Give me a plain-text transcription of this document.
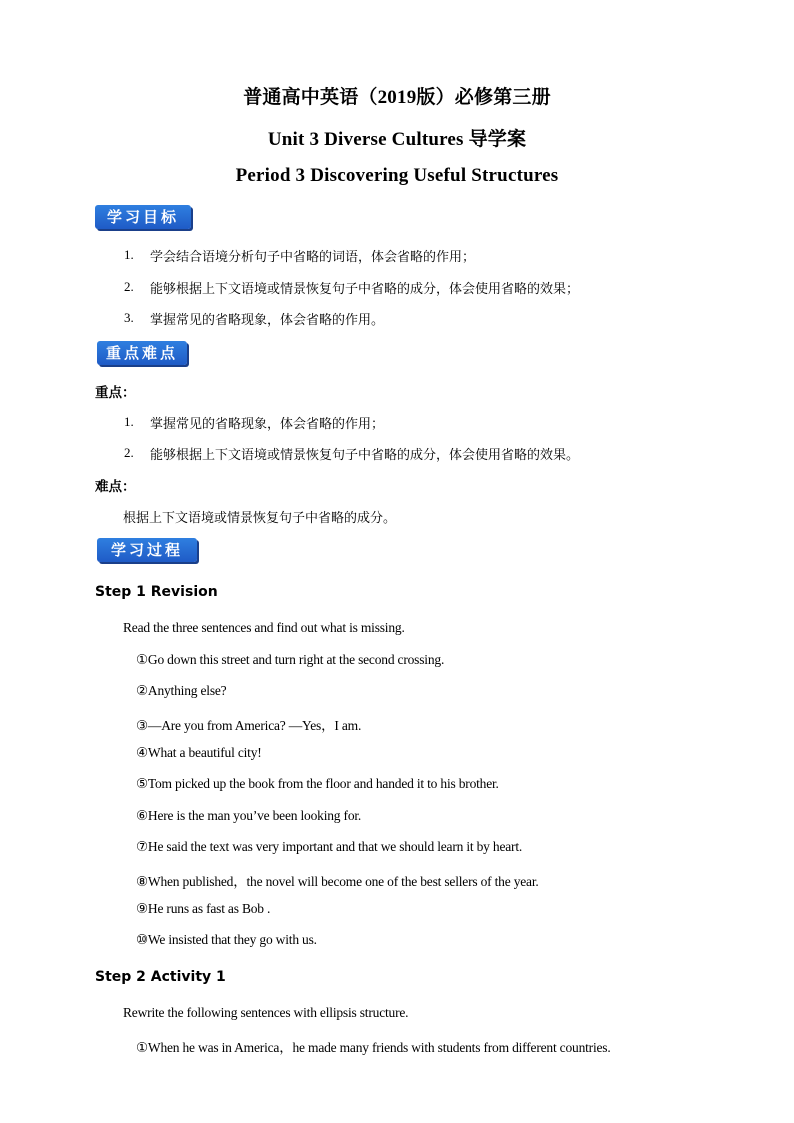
普通高中英语（2019版）必修第三册
Unit 3 Diverse Cultures 导学案
Period 3 Discovering Useful Structures
学习目标
1. 学会结合语境分析句子中省略的词语，体会省略的作用；
2. 能够根据上下文语境或情景恢复句子中省略的成分，体会使用省略的效果；
3. 掌握常见的省略现象，体会省略的作用。
重点难点
重点：
1. 掌握常见的省略现象，体会省略的作用；
2. 能够根据上下文语境或情景恢复句子中省略的成分，体会使用省略的效果。
难点：
根据上下文语境或情景恢复句子中省略的成分。
学习过程
Step 1 Revision
Read the three sentences and find out what is missing.
①Go down this street and turn right at the second crossing.
②Anything else?
③—Are you from America? —Yes，I am.
④What a beautiful city!
⑤Tom picked up the book from the floor and handed it to his brother.
⑥Here is the man you’ve been looking for.
⑦He said the text was very important and that we should learn it by heart.
⑧When published，the novel will become one of the best sellers of the year.
⑨He runs as fast as Bob .
⑩We insisted that they go with us.
Step 2 Activity 1
Rewrite the following sentences with ellipsis structure.
①When he was in America，he made many friends with students from different countries.
